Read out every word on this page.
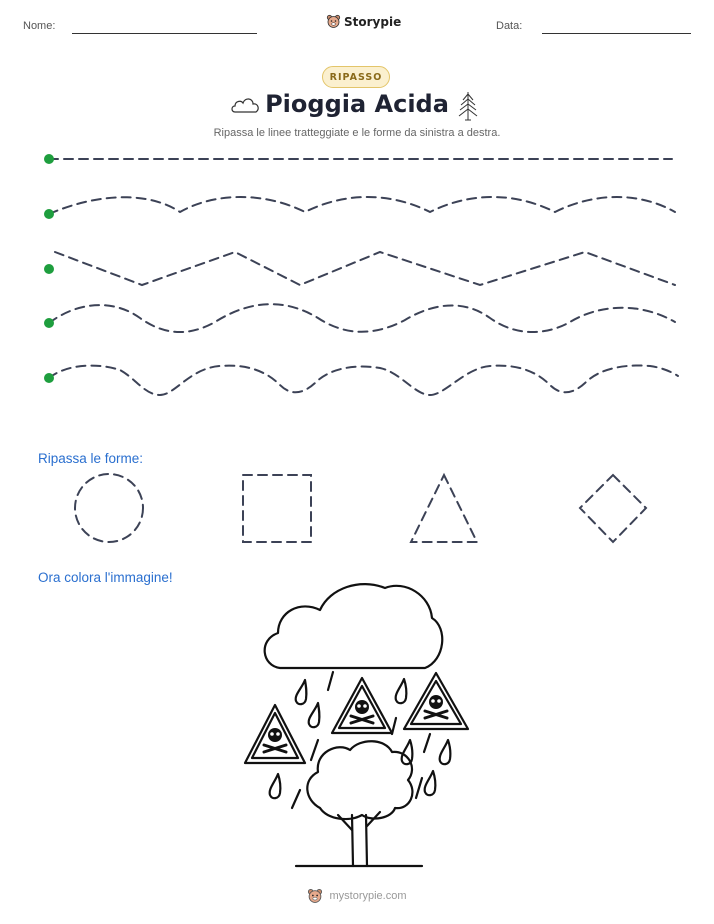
Nome:	Storypie	Data:
RIPASSO
Pioggia Acida
Ripassa le linee tratteggiate e le forme da sinistra a destra.
Ripassa le forme:
Ora colora l'immagine!
mystorypie.com
